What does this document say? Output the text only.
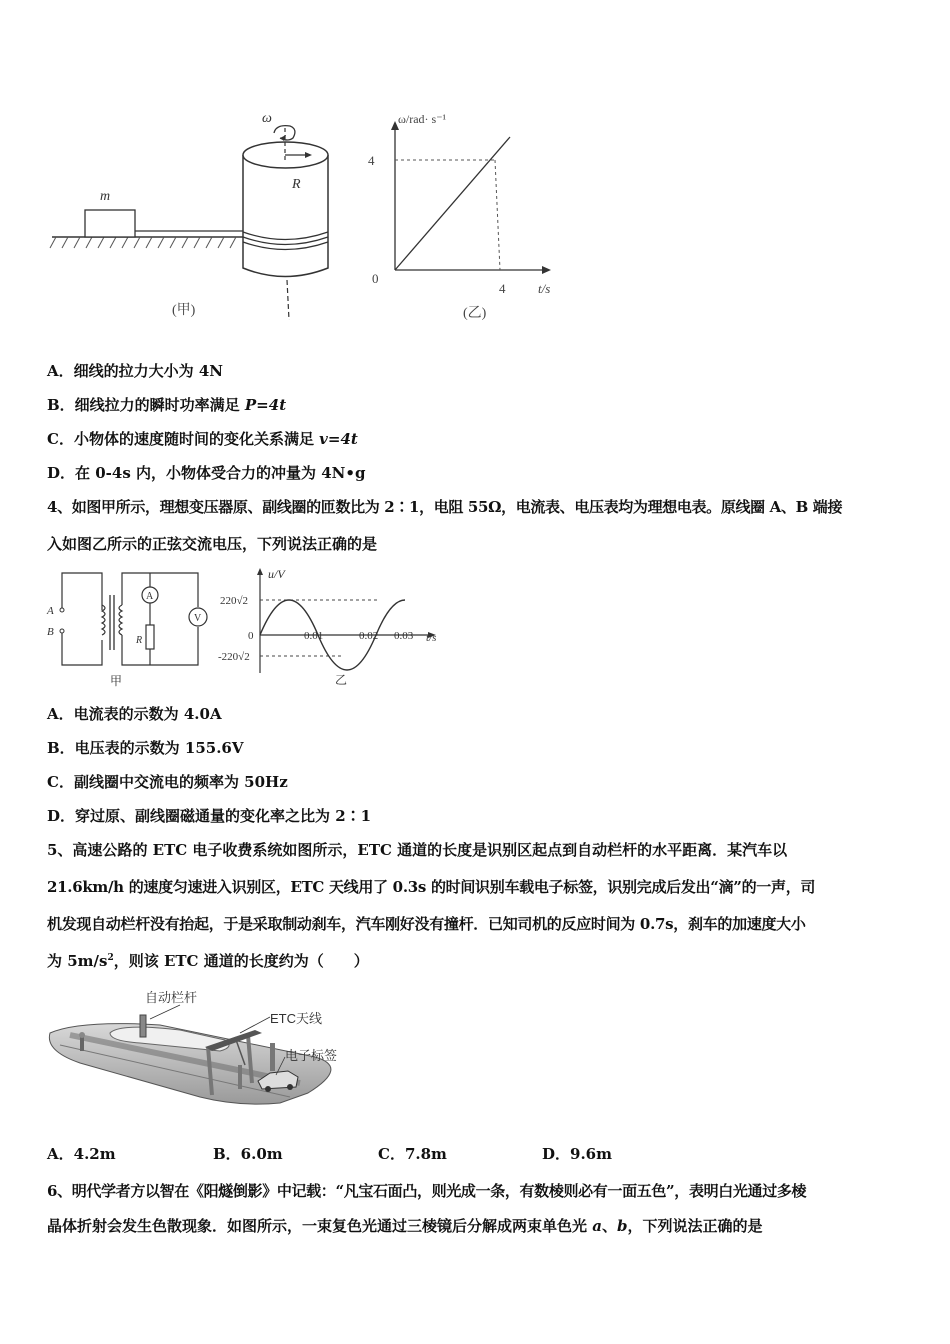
ω
R
m
(甲)
ω/rad· s⁻¹
4
0
4	t/s
(乙)
A．细线的拉力大小为 4N
B．细线拉力的瞬时功率满足 P=4t
C．小物体的速度随时间的变化关系满足 v=4t
D．在 0-4s 内，小物体受合力的冲量为 4N•g
4、如图甲所示，理想变压器原、副线圈的匝数比为 2∶1，电阻 55Ω，电流表、电压表均为理想电表。原线圈 A、B 端接
入如图乙所示的正弦交流电压，下列说法正确的是
A
V
R
A
B
甲
u/V
220√2
-220√2
0	0.01	0.02 0.03 t/s
乙
A．电流表的示数为 4.0A
B．电压表的示数为 155.6V
C．副线圈中交流电的频率为 50Hz
D．穿过原、副线圈磁通量的变化率之比为 2∶1
5、高速公路的 ETC 电子收费系统如图所示，ETC 通道的长度是识别区起点到自动栏杆的水平距离．某汽车以
21.6km/h 的速度匀速进入识别区，ETC 天线用了 0.3s 的时间识别车载电子标签，识别完成后发出“滴”的一声，司
机发现自动栏杆没有抬起，于是采取制动刹车，汽车刚好没有撞杆．已知司机的反应时间为 0.7s，刹车的加速度大小
为 $5m/s^2$，则该 ETC 通道的长度约为（　　）
自动栏杆
ETC天线
电子标签
A．4.2m	B．6.0m	C．7.8m	D．9.6m
6、明代学者方以智在《阳燧倒影》中记载：“凡宝石面凸，则光成一条，有数棱则必有一面五色”，表明白光通过多棱
晶体折射会发生色散现象．如图所示，一束复色光通过三棱镜后分解成两束单色光 a、b，下列说法正确的是
